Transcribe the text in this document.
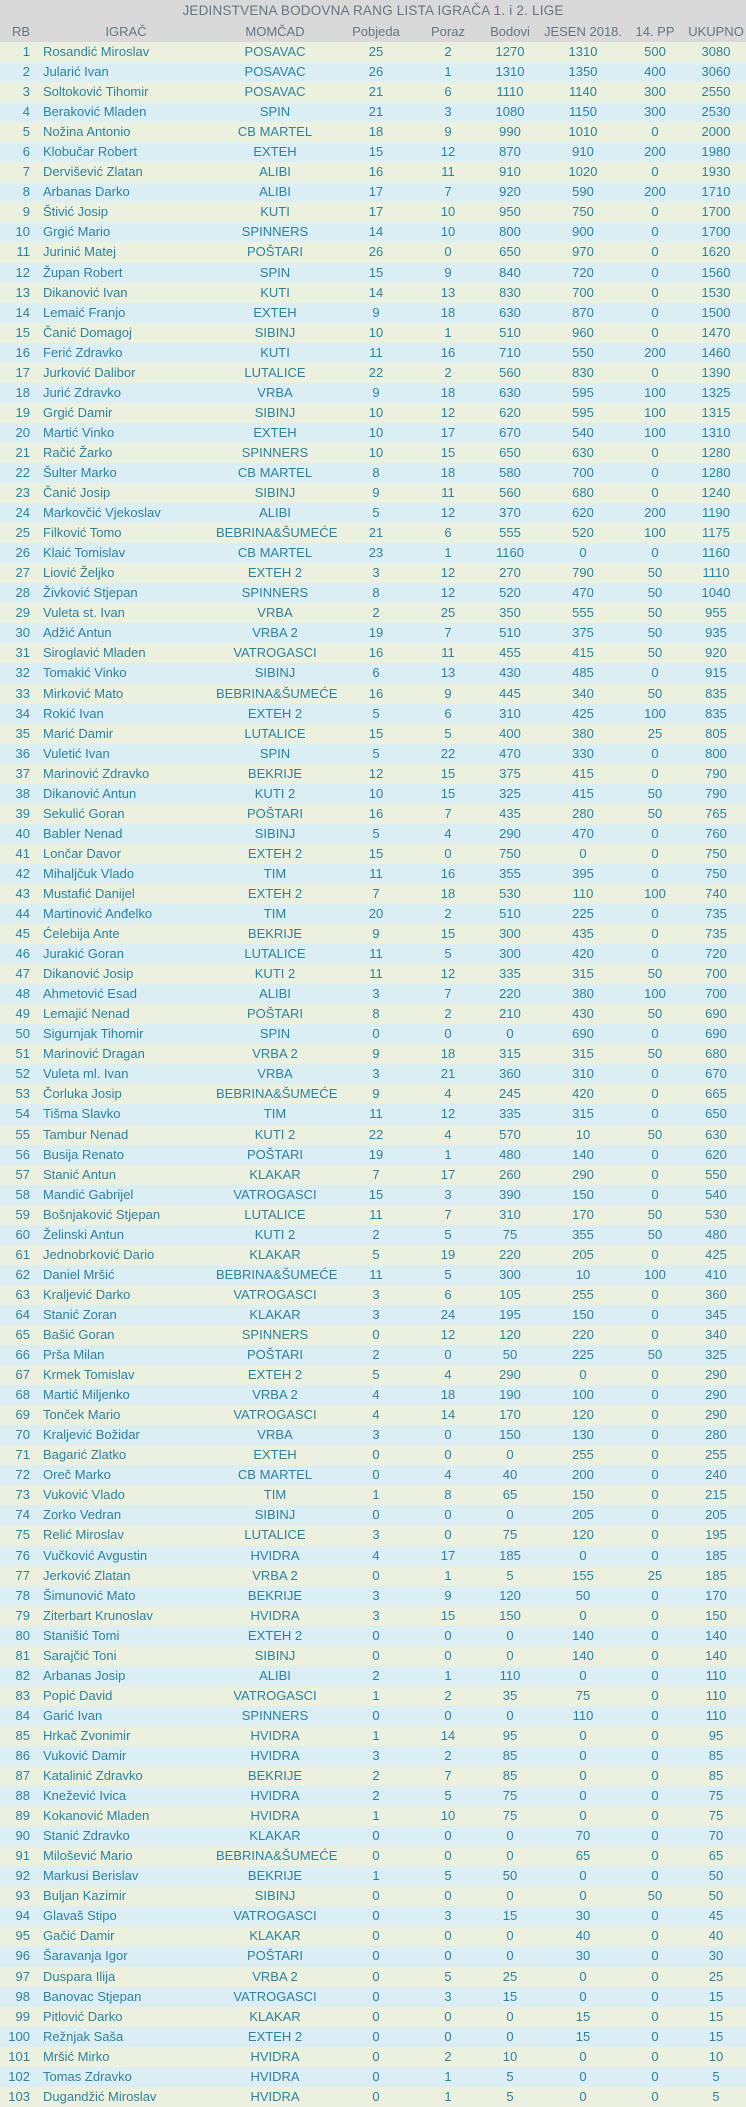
JEDINSTVENA BODOVNA RANG LISTA IGRAČA 1. i 2. LIGE
RB	IGRAČ	MOMČAD	Pobjeda	Poraz	Bodovi	JESEN 2018.	14. PP	UKUPNO
1	Rosandić Miroslav	POSAVAC	25	2	1270	1310	500	3080
2	Jularić Ivan	POSAVAC	26	1	1310	1350	400	3060
3	Soltoković Tihomir	POSAVAC	21	6	1110	1140	300	2550
4	Beraković Mladen	SPIN	21	3	1080	1150	300	2530
5	Nožina Antonio	CB MARTEL	18	9	990	1010	0	2000
6	Klobučar Robert	EXTEH	15	12	870	910	200	1980
7	Dervišević Zlatan	ALIBI	16	11	910	1020	0	1930
8	Arbanas Darko	ALIBI	17	7	920	590	200	1710
9	Štivić Josip	KUTI	17	10	950	750	0	1700
10	Grgić Mario	SPINNERS	14	10	800	900	0	1700
11	Jurinić Matej	POŠTARI	26	0	650	970	0	1620
12	Župan Robert	SPIN	15	9	840	720	0	1560
13	Dikanović Ivan	KUTI	14	13	830	700	0	1530
14	Lemaić Franjo	EXTEH	9	18	630	870	0	1500
15	Čanić Domagoj	SIBINJ	10	1	510	960	0	1470
16	Ferić Zdravko	KUTI	11	16	710	550	200	1460
17	Jurković Dalibor	LUTALICE	22	2	560	830	0	1390
18	Jurić Zdravko	VRBA	9	18	630	595	100	1325
19	Grgić Damir	SIBINJ	10	12	620	595	100	1315
20	Martić Vinko	EXTEH	10	17	670	540	100	1310
21	Račić Žarko	SPINNERS	10	15	650	630	0	1280
22	Šulter Marko	CB MARTEL	8	18	580	700	0	1280
23	Čanić Josip	SIBINJ	9	11	560	680	0	1240
24	Markovčić Vjekoslav	ALIBI	5	12	370	620	200	1190
25	Filković Tomo	BEBRINA&ŠUMEĆE	21	6	555	520	100	1175
26	Klaić Tomislav	CB MARTEL	23	1	1160	0	0	1160
27	Liović Željko	EXTEH 2	3	12	270	790	50	1110
28	Živković Stjepan	SPINNERS	8	12	520	470	50	1040
29	Vuleta st. Ivan	VRBA	2	25	350	555	50	955
30	Adžić Antun	VRBA 2	19	7	510	375	50	935
31	Siroglavić Mladen	VATROGASCI	16	11	455	415	50	920
32	Tomakić Vinko	SIBINJ	6	13	430	485	0	915
33	Mirković Mato	BEBRINA&ŠUMEĆE	16	9	445	340	50	835
34	Rokić Ivan	EXTEH 2	5	6	310	425	100	835
35	Marić Damir	LUTALICE	15	5	400	380	25	805
36	Vuletić Ivan	SPIN	5	22	470	330	0	800
37	Marinović Zdravko	BEKRIJE	12	15	375	415	0	790
38	Dikanović Antun	KUTI 2	10	15	325	415	50	790
39	Sekulić Goran	POŠTARI	16	7	435	280	50	765
40	Babler Nenad	SIBINJ	5	4	290	470	0	760
41	Lončar Davor	EXTEH 2	15	0	750	0	0	750
42	Mihaljčuk Vlado	TIM	11	16	355	395	0	750
43	Mustafić Danijel	EXTEH 2	7	18	530	110	100	740
44	Martinović Anđelko	TIM	20	2	510	225	0	735
45	Ćelebija Ante	BEKRIJE	9	15	300	435	0	735
46	Jurakić Goran	LUTALICE	11	5	300	420	0	720
47	Dikanović Josip	KUTI 2	11	12	335	315	50	700
48	Ahmetović Esad	ALIBI	3	7	220	380	100	700
49	Lemajić Nenad	POŠTARI	8	2	210	430	50	690
50	Sigurnjak Tihomir	SPIN	0	0	0	690	0	690
51	Marinović Dragan	VRBA 2	9	18	315	315	50	680
52	Vuleta ml. Ivan	VRBA	3	21	360	310	0	670
53	Čorluka Josip	BEBRINA&ŠUMEĆE	9	4	245	420	0	665
54	Tišma Slavko	TIM	11	12	335	315	0	650
55	Tambur Nenad	KUTI 2	22	4	570	10	50	630
56	Busija Renato	POŠTARI	19	1	480	140	0	620
57	Stanić Antun	KLAKAR	7	17	260	290	0	550
58	Mandić Gabrijel	VATROGASCI	15	3	390	150	0	540
59	Bošnjaković Stjepan	LUTALICE	11	7	310	170	50	530
60	Želinski Antun	KUTI 2	2	5	75	355	50	480
61	Jednobrković Dario	KLAKAR	5	19	220	205	0	425
62	Daniel Mršić	BEBRINA&ŠUMEĆE	11	5	300	10	100	410
63	Kraljević Darko	VATROGASCI	3	6	105	255	0	360
64	Stanić Zoran	KLAKAR	3	24	195	150	0	345
65	Bašić Goran	SPINNERS	0	12	120	220	0	340
66	Prša Milan	POŠTARI	2	0	50	225	50	325
67	Krmek Tomislav	EXTEH 2	5	4	290	0	0	290
68	Martić Miljenko	VRBA 2	4	18	190	100	0	290
69	Tonček Mario	VATROGASCI	4	14	170	120	0	290
70	Kraljević Božidar	VRBA	3	0	150	130	0	280
71	Bagarić Zlatko	EXTEH	0	0	0	255	0	255
72	Oreč Marko	CB MARTEL	0	4	40	200	0	240
73	Vuković Vlado	TIM	1	8	65	150	0	215
74	Zorko Vedran	SIBINJ	0	0	0	205	0	205
75	Relić Miroslav	LUTALICE	3	0	75	120	0	195
76	Vučković Avgustin	HVIDRA	4	17	185	0	0	185
77	Jerković Zlatan	VRBA 2	0	1	5	155	25	185
78	Šimunović Mato	BEKRIJE	3	9	120	50	0	170
79	Ziterbart Krunoslav	HVIDRA	3	15	150	0	0	150
80	Stanišić Tomi	EXTEH 2	0	0	0	140	0	140
81	Sarajčić Toni	SIBINJ	0	0	0	140	0	140
82	Arbanas Josip	ALIBI	2	1	110	0	0	110
83	Popić David	VATROGASCI	1	2	35	75	0	110
84	Garić Ivan	SPINNERS	0	0	0	110	0	110
85	Hrkač Zvonimir	HVIDRA	1	14	95	0	0	95
86	Vuković Damir	HVIDRA	3	2	85	0	0	85
87	Katalinić Zdravko	BEKRIJE	2	7	85	0	0	85
88	Knežević Ivica	HVIDRA	2	5	75	0	0	75
89	Kokanović Mladen	HVIDRA	1	10	75	0	0	75
90	Stanić Zdravko	KLAKAR	0	0	0	70	0	70
91	Milošević Mario	BEBRINA&ŠUMEĆE	0	0	0	65	0	65
92	Markusi Berislav	BEKRIJE	1	5	50	0	0	50
93	Buljan Kazimir	SIBINJ	0	0	0	0	50	50
94	Glavaš Stipo	VATROGASCI	0	3	15	30	0	45
95	Gačić Damir	KLAKAR	0	0	0	40	0	40
96	Šaravanja Igor	POŠTARI	0	0	0	30	0	30
97	Duspara Ilija	VRBA 2	0	5	25	0	0	25
98	Banovac Stjepan	VATROGASCI	0	3	15	0	0	15
99	Pitlović Darko	KLAKAR	0	0	0	15	0	15
100	Režnjak Saša	EXTEH 2	0	0	0	15	0	15
101	Mršić Mirko	HVIDRA	0	2	10	0	0	10
102	Tomas Zdravko	HVIDRA	0	1	5	0	0	5
103	Dugandžić Miroslav	HVIDRA	0	1	5	0	0	5
